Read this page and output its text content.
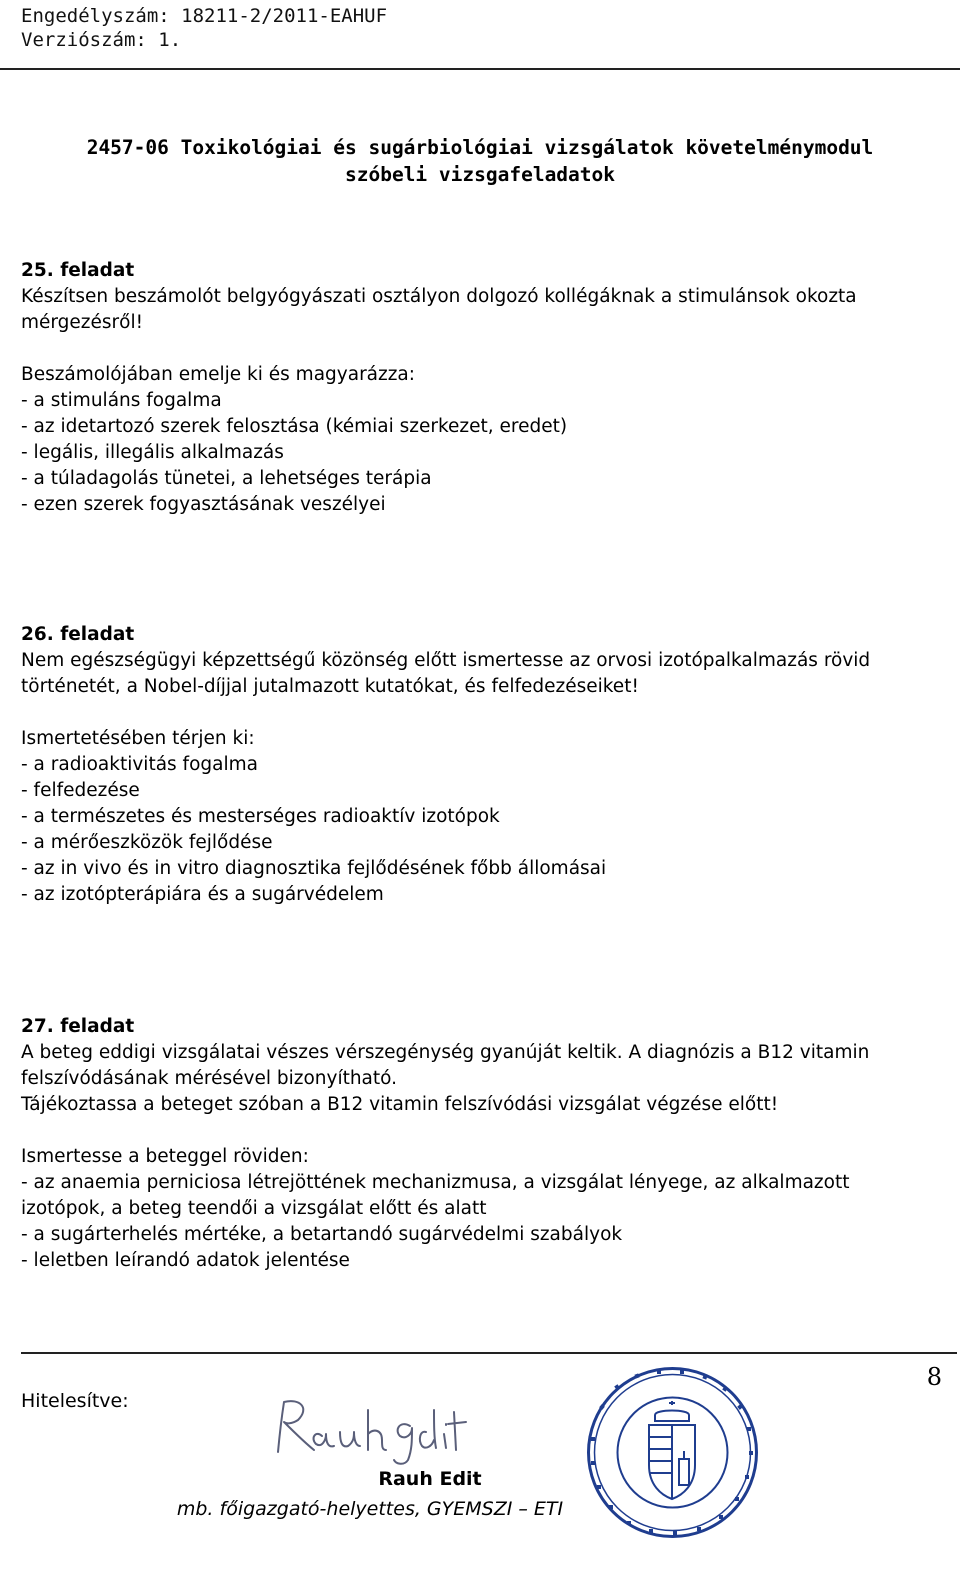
Engedélyszám: 18211-2/2011-EAHUF
Verziószám: 1.
2457-06 Toxikológiai és sugárbiológiai vizsgálatok követelménymodul
szóbeli vizsgafeladatok

25. feladat

Készítsen beszámolót belgyógyászati osztályon dolgozó kollégáknak a stimulánsok okozta

mérgezésről!

Beszámolójában emelje ki és magyarázza:

- a stimuláns fogalma

- az idetartozó szerek felosztása (kémiai szerkezet, eredet)

- legális, illegális alkalmazás

- a túladagolás tünetei, a lehetséges terápia

- ezen szerek fogyasztásának veszélyei

26. feladat

Nem egészségügyi képzettségű közönség előtt ismertesse az orvosi izotópalkalmazás rövid

történetét, a Nobel-díjjal jutalmazott kutatókat, és felfedezéseiket!

Ismertetésében térjen ki:

- a radioaktivitás fogalma

- felfedezése

- a természetes és mesterséges radioaktív izotópok

- a mérőeszközök fejlődése

- az in vivo és in vitro diagnosztika fejlődésének főbb állomásai

- az izotópterápiára és a sugárvédelem

27. feladat

A beteg eddigi vizsgálatai vészes vérszegénység gyanúját keltik. A diagnózis a B12 vitamin

felszívódásának mérésével bizonyítható.

Tájékoztassa a beteget szóban a B12 vitamin felszívódási vizsgálat végzése előtt!

Ismertesse a beteggel röviden:

- az anaemia perniciosa létrejöttének mechanizmusa, a vizsgálat lényege, az alkalmazott

izotópok, a beteg teendői a vizsgálat előtt és alatt

- a sugárterhelés mértéke, a betartandó sugárvédelmi szabályok

- leletben leírandó adatok jelentése

8
Hitelesítve:
Rauh Edit
mb. főigazgató-helyettes, GYEMSZI – ETI
